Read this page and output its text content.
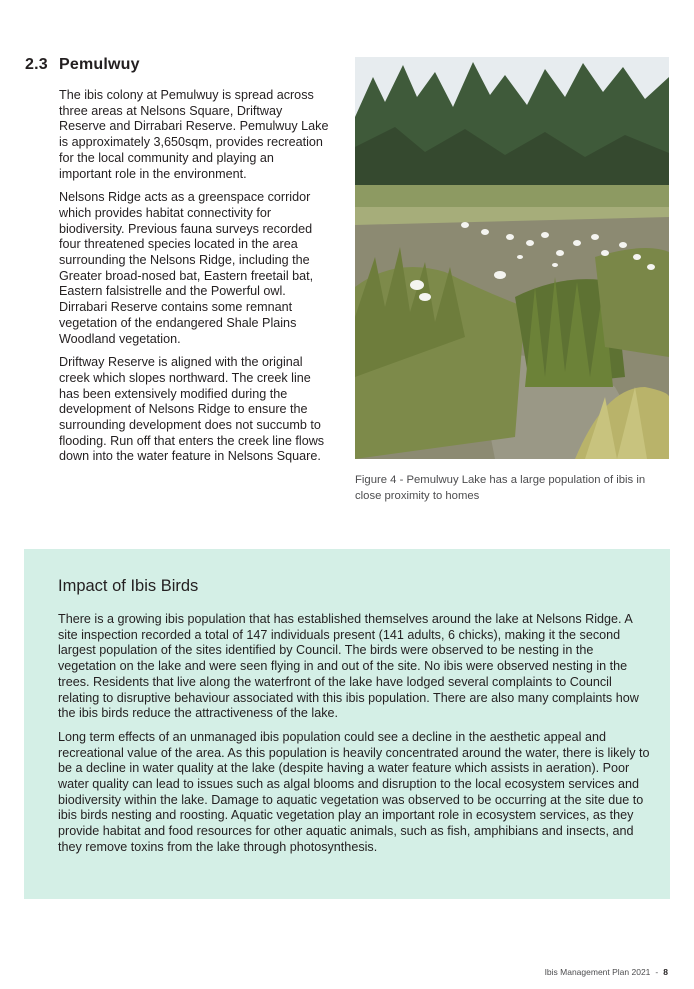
2.3 Pemulwuy

The ibis colony at Pemulwuy is spread across three areas at Nelsons Square, Driftway Reserve and Dirrabari Reserve. Pemulwuy Lake is approximately 3,650sqm, provides recreation for the local community and playing an important role in the environment.

Nelsons Ridge acts as a greenspace corridor which provides habitat connectivity for biodiversity. Previous fauna surveys recorded four threatened species located in the area surrounding the Nelsons Ridge, including the Greater broad-nosed bat, Eastern freetail bat, Eastern falsistrelle and the Powerful owl. Dirrabari Reserve contains some remnant vegetation of the endangered Shale Plains Woodland vegetation.

Driftway Reserve is aligned with the original creek which slopes northward. The creek line has been extensively modified during the development of Nelsons Ridge to ensure the surrounding development does not succumb to flooding. Run off that enters the creek line flows down into the water feature in Nelsons Square.

Figure 4 - Pemulwuy Lake has a large population of ibis in close proximity to homes
Impact of Ibis Birds

There is a growing ibis population that has established themselves around the lake at Nelsons Ridge. A site inspection recorded a total of 147 individuals present (141 adults, 6 chicks), making it the second largest population of the sites identified by Council. The birds were observed to be nesting in the vegetation on the lake and were seen flying in and out of the site. No ibis were observed nesting in the trees. Residents that live along the waterfront of the lake have lodged several complaints to Council relating to disruptive behaviour associated with this ibis population. There are also many complaints how the ibis birds reduce the attractiveness of the lake.

Long term effects of an unmanaged ibis population could see a decline in the aesthetic appeal and recreational value of the area. As this population is heavily concentrated around the water, there is likely to be a decline in water quality at the lake (despite having a water feature which assists in aeration). Poor water quality can lead to issues such as algal blooms and disruption to the local ecosystem services and biodiversity within the lake. Damage to aquatic vegetation was observed to be occurring at the site due to ibis birds nesting and roosting. Aquatic vegetation play an important role in ecosystem services, as they provide habitat and food resources for other aquatic animals, such as fish, amphibians and insects, and they remove toxins from the lake through photosynthesis.

Ibis Management Plan 2021 - 8
